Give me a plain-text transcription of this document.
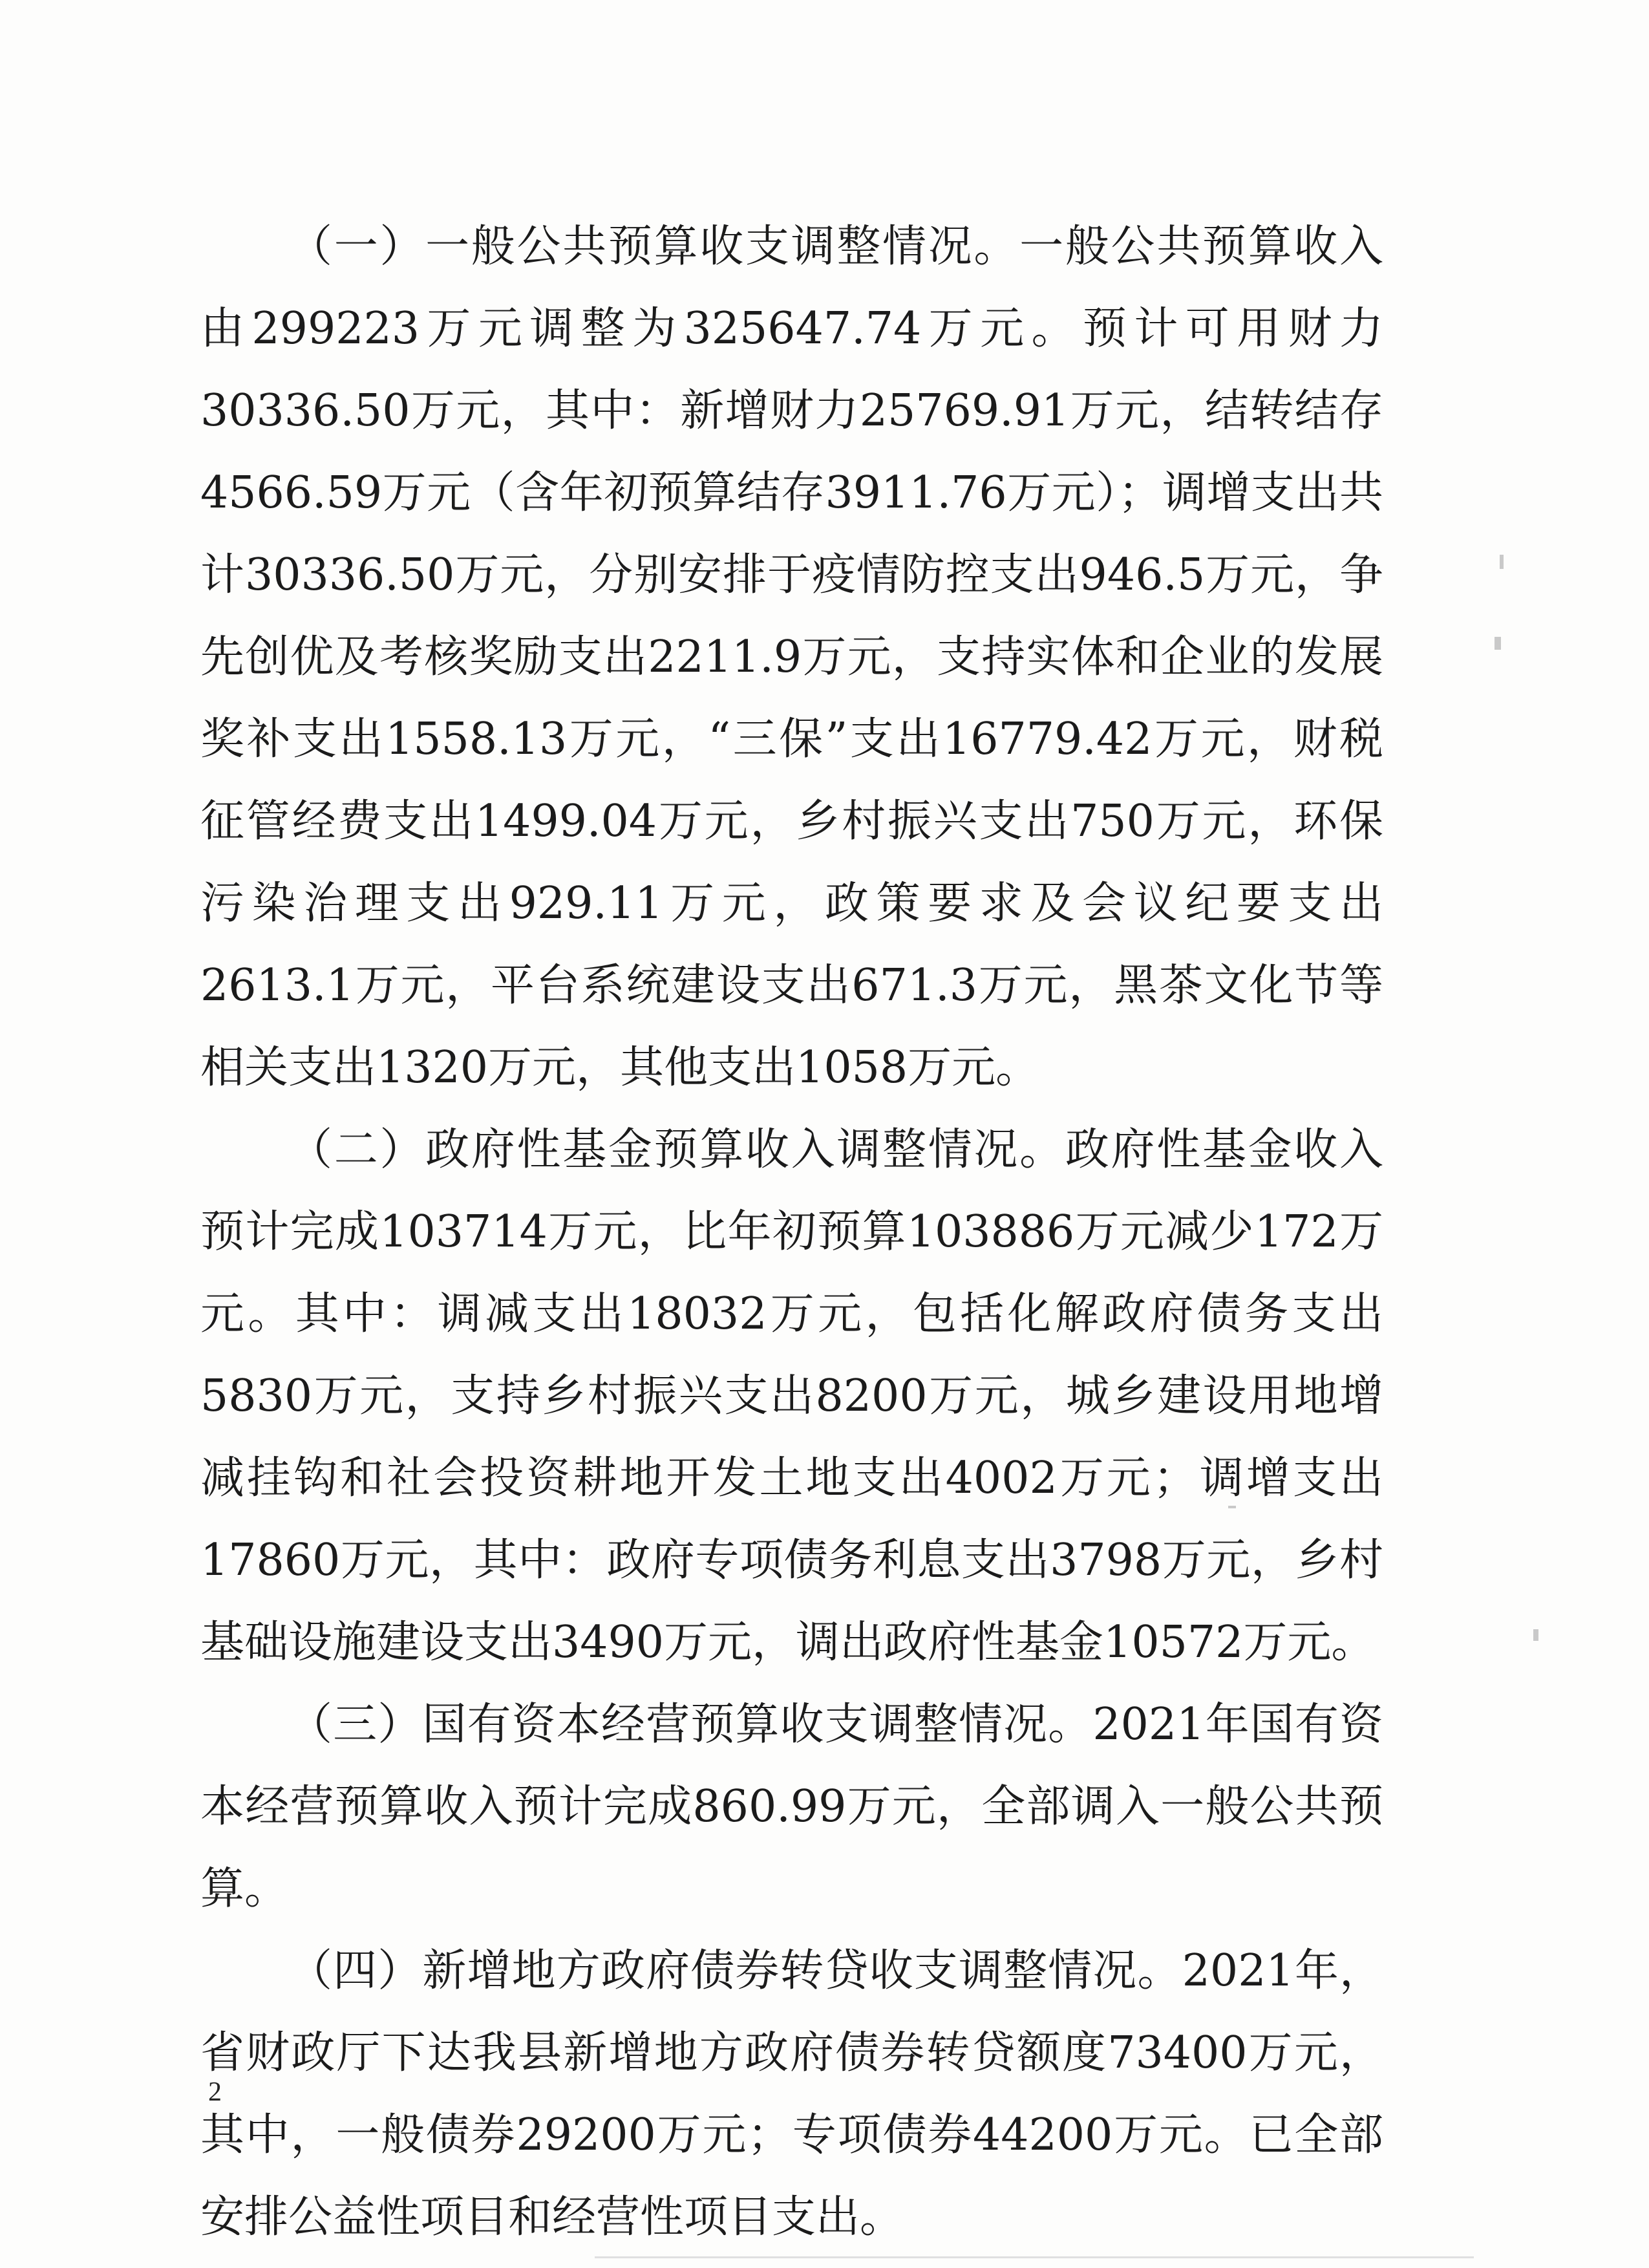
（一）一般公共预算收支调整情况。一般公共预算收入由299223万元调整为325647.74万元。预计可用财力30336.50万元，其中：新增财力25769.91万元，结转结存4566.59万元（含年初预算结存3911.76万元）；调增支出共计30336.50万元，分别安排于疫情防控支出946.5万元，争先创优及考核奖励支出2211.9万元，支持实体和企业的发展奖补支出1558.13万元，“三保”支出16779.42万元，财税征管经费支出1499.04万元，乡村振兴支出750万元，环保污染治理支出929.11万元，政策要求及会议纪要支出2613.1万元，平台系统建设支出671.3万元，黑茶文化节等相关支出1320万元，其他支出1058万元。

（二）政府性基金预算收入调整情况。政府性基金收入预计完成103714万元，比年初预算103886万元减少172万元。其中：调减支出18032万元，包括化解政府债务支出5830万元，支持乡村振兴支出8200万元，城乡建设用地增减挂钩和社会投资耕地开发土地支出4002万元；调增支出17860万元，其中：政府专项债务利息支出3798万元，乡村基础设施建设支出3490万元，调出政府性基金10572万元。

（三）国有资本经营预算收支调整情况。2021年国有资本经营预算收入预计完成860.99万元，全部调入一般公共预算。

（四）新增地方政府债券转贷收支调整情况。2021年，省财政厅下达我县新增地方政府债券转贷额度73400万元，其中，一般债券29200万元；专项债券44200万元。已全部安排公益性项目和经营性项目支出。

2
